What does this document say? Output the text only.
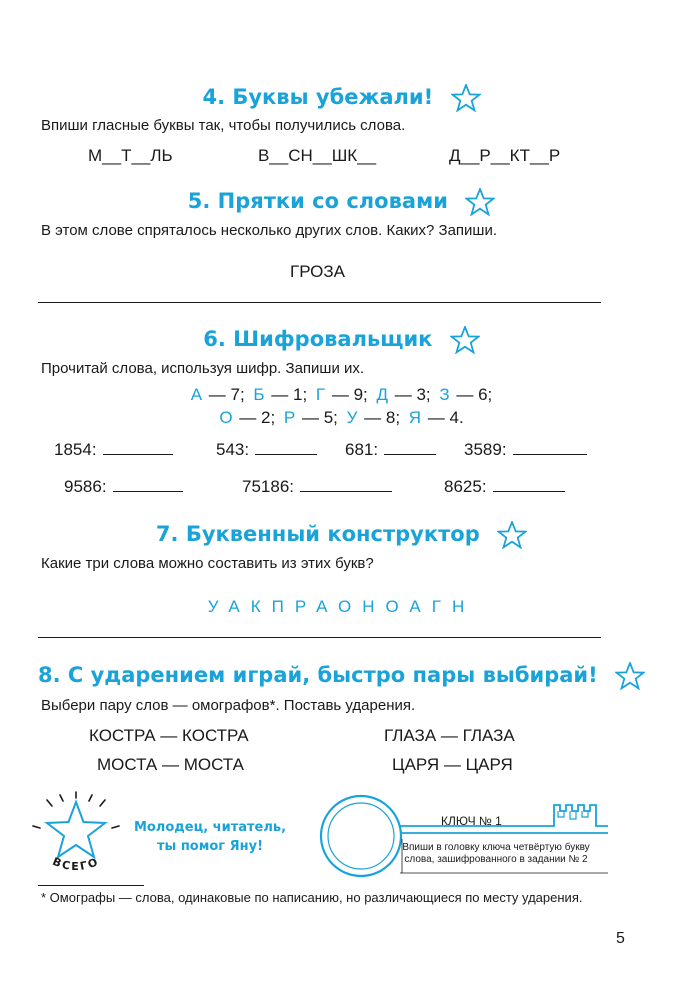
4. Буквы убежали!
Впиши гласные буквы так, чтобы получились слова.
М__Т__ЛЬ	В__СН__ШК__	Д__Р__КТ__Р
5. Прятки со словами
В этом слове спряталось несколько других слов. Каких? Запиши.
ГРОЗА
6. Шифровальщик
Прочитай слова, используя шифр. Запиши их.
А — 7; Б — 1; Г — 9; Д — 3; З — 6;
О — 2; Р — 5; У — 8; Я — 4.
1854:	543:	681:	3589:
9586:	75186:	8625:
7. Буквенный конструктор
Какие три слова можно составить из этих букв?
УАКПРАОНОАГН
8. С ударением играй, быстро пары выбирай!
Выбери пару слов — омографов*. Поставь ударения.
КОСТРА — КОСТРА	ГЛАЗА — ГЛАЗА
МОСТА — МОСТА	ЦАРЯ — ЦАРЯ
ВСЕГО
Молодец, читатель,
ты помог Яну!
КЛЮЧ № 1
Впиши в головку ключа четвёртую букву
слова, зашифрованного в задании № 2
* Омографы — слова, одинаковые по написанию, но различающиеся по месту ударения.
5
